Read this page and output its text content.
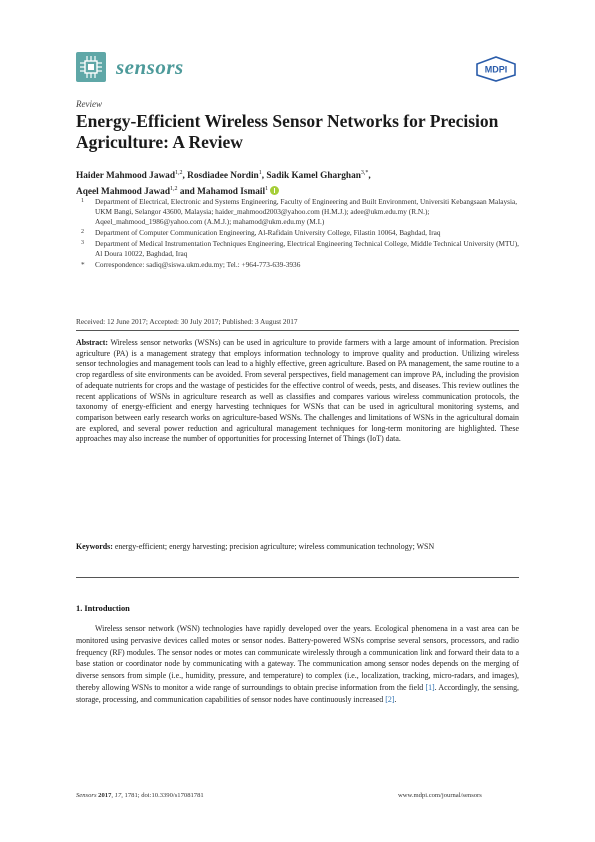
sensors	MDPI
Review
Energy-Efficient Wireless Sensor Networks for Precision Agriculture: A Review
Haider Mahmood Jawad$^{1,2}$, Rosdiadee Nordin$^1$, Sadik Kamel Gharghan$^{3,*}$,
Aqeel Mahmood Jawad$^{1,2}$ and Mahamod Ismail$^1$
1 Department of Electrical, Electronic and Systems Engineering, Faculty of Engineering and Built Environment, Universiti Kebangsaan Malaysia, UKM Bangi, Selangor 43600, Malaysia; haider_mahmood2003@yahoo.com (H.M.J.); adee@ukm.edu.my (R.N.); Aqeel_mahmood_1986@yahoo.com (A.M.J.); mahamod@ukm.edu.my (M.I.)
2 Department of Computer Communication Engineering, Al-Rafidain University College, Filastin 10064, Baghdad, Iraq
3 Department of Medical Instrumentation Techniques Engineering, Electrical Engineering Technical College, Middle Technical University (MTU), Al Doura 10022, Baghdad, Iraq
* Correspondence: sadiq@siswa.ukm.edu.my; Tel.: +964-773-639-3936
Received: 12 June 2017; Accepted: 30 July 2017; Published: 3 August 2017
Abstract: Wireless sensor networks (WSNs) can be used in agriculture to provide farmers with a large amount of information. Precision agriculture (PA) is a management strategy that employs information technology to improve quality and production. Utilizing wireless sensor technologies and management tools can lead to a highly effective, green agriculture. Based on PA management, the same routine to a crop regardless of site environments can be avoided. From several perspectives, field management can improve PA, including the provision of adequate nutrients for crops and the wastage of pesticides for the effective control of weeds, pests, and diseases. This review outlines the recent applications of WSNs in agriculture research as well as classifies and compares various wireless communication protocols, the taxonomy of energy-efficient and energy harvesting techniques for WSNs that can be used in agricultural monitoring systems, and comparison between early research works on agriculture-based WSNs. The challenges and limitations of WSNs in the agricultural domain are explored, and several power reduction and agricultural management techniques for long-term monitoring are highlighted. These approaches may also increase the number of opportunities for processing Internet of Things (IoT) data.
Keywords: energy-efficient; energy harvesting; precision agriculture; wireless communication technology; WSN
1. Introduction
Wireless sensor network (WSN) technologies have rapidly developed over the years. Ecological phenomena in a vast area can be monitored using pervasive devices called motes or sensor nodes. Battery-powered WSNs comprise several sensors, processors, and radio frequency (RF) modules. The sensor nodes or motes can communicate wirelessly through a communication link and forward their data to a base station or coordinator node by communicating with a gateway. The communication among sensor nodes depends on the merging of diverse sensors from simple (i.e., humidity, pressure, and temperature) to complex (i.e., localization, tracking, micro-radars, and images), thereby allowing WSNs to monitor a wide range of surroundings to obtain precise information from the field [1]. Accordingly, the sensing, storage, processing, and communication capabilities of sensor nodes have continuously increased [2].
Sensors 2017, 17, 1781; doi:10.3390/s17081781	www.mdpi.com/journal/sensors
